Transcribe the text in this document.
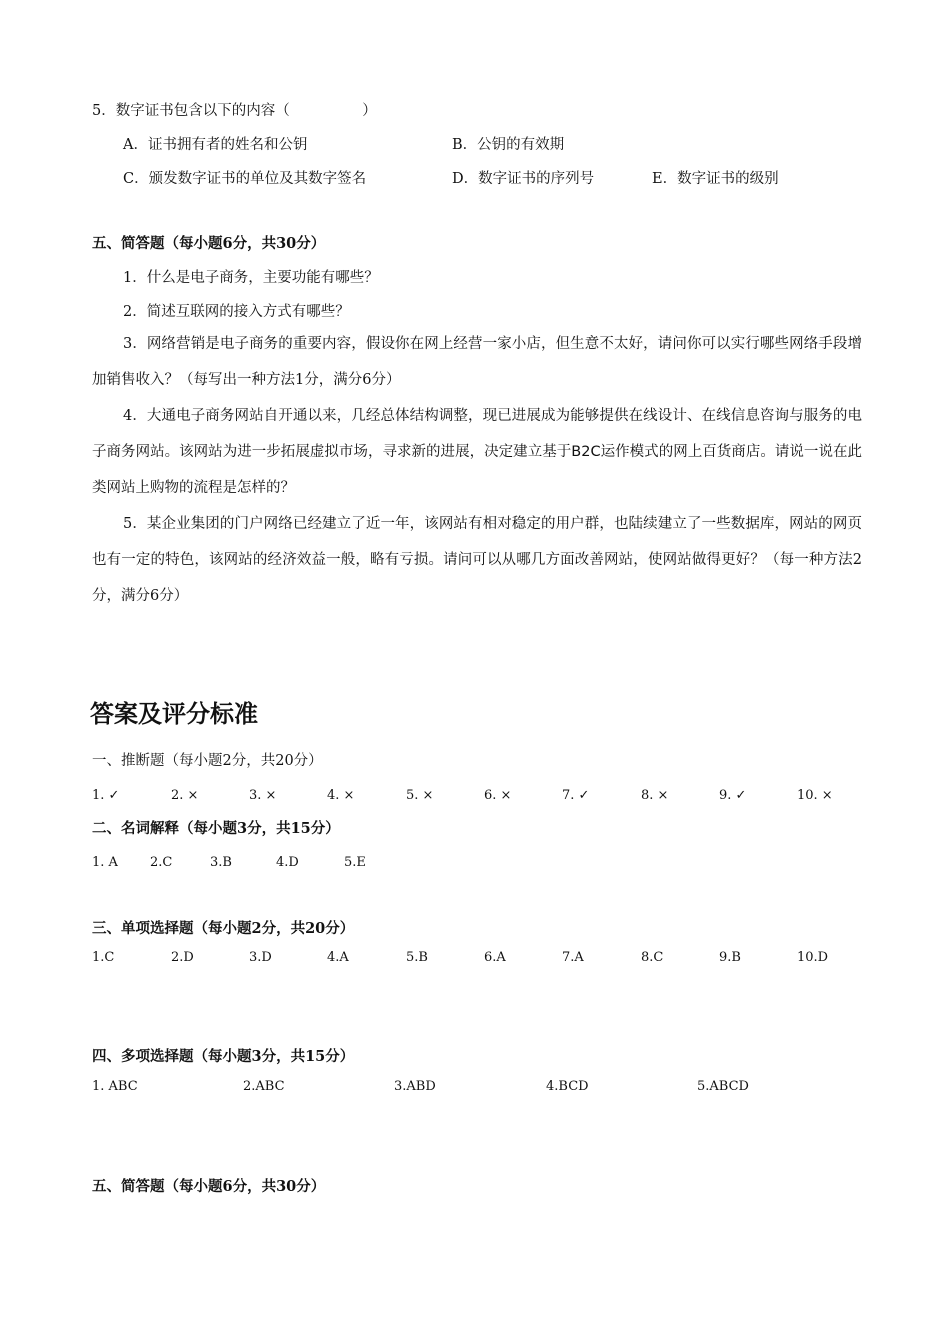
5．数字证书包含以下的内容（　　　　　）
A．证书拥有者的姓名和公钥	B．公钥的有效期
C．颁发数字证书的单位及其数字签名	D．数字证书的序列号	E．数字证书的级别
五、简答题（每小题6分，共30分）
1．什么是电子商务，主要功能有哪些？
2．简述互联网的接入方式有哪些？
3．网络营销是电子商务的重要内容，假设你在网上经营一家小店，但生意不太好，请问你可以实行哪些网络手段增加销售收入？（每写出一种方法1分，满分6分）
4．大通电子商务网站自开通以来，几经总体结构调整，现已进展成为能够提供在线设计、在线信息咨询与服务的电子商务网站。该网站为进一步拓展虚拟市场，寻求新的进展，决定建立基于B2C运作模式的网上百货商店。请说一说在此类网站上购物的流程是怎样的？
5．某企业集团的门户网络已经建立了近一年，该网站有相对稳定的用户群，也陆续建立了一些数据库，网站的网页也有一定的特色，该网站的经济效益一般，略有亏损。请问可以从哪几方面改善网站，使网站做得更好？（每一种方法2分，满分6分）
答案及评分标准
一、推断题（每小题2分，共20分）
1. ✓	2. ×	3. ×	4. ×	5. ×	6. ×	7. ✓	8. ×	9. ✓	10. ×
二、名词解释（每小题3分，共15分）
1. A 2.C	3.B	4.D	5.E
三、单项选择题（每小题2分，共20分）
1.C	2.D	3.D	4.A	5.B	6.A	7.A	8.C	9.B	10.D
四、多项选择题（每小题3分，共15分）
1. ABC	2.ABC	3.ABD	4.BCD	5.ABCD
五、简答题（每小题6分，共30分）
